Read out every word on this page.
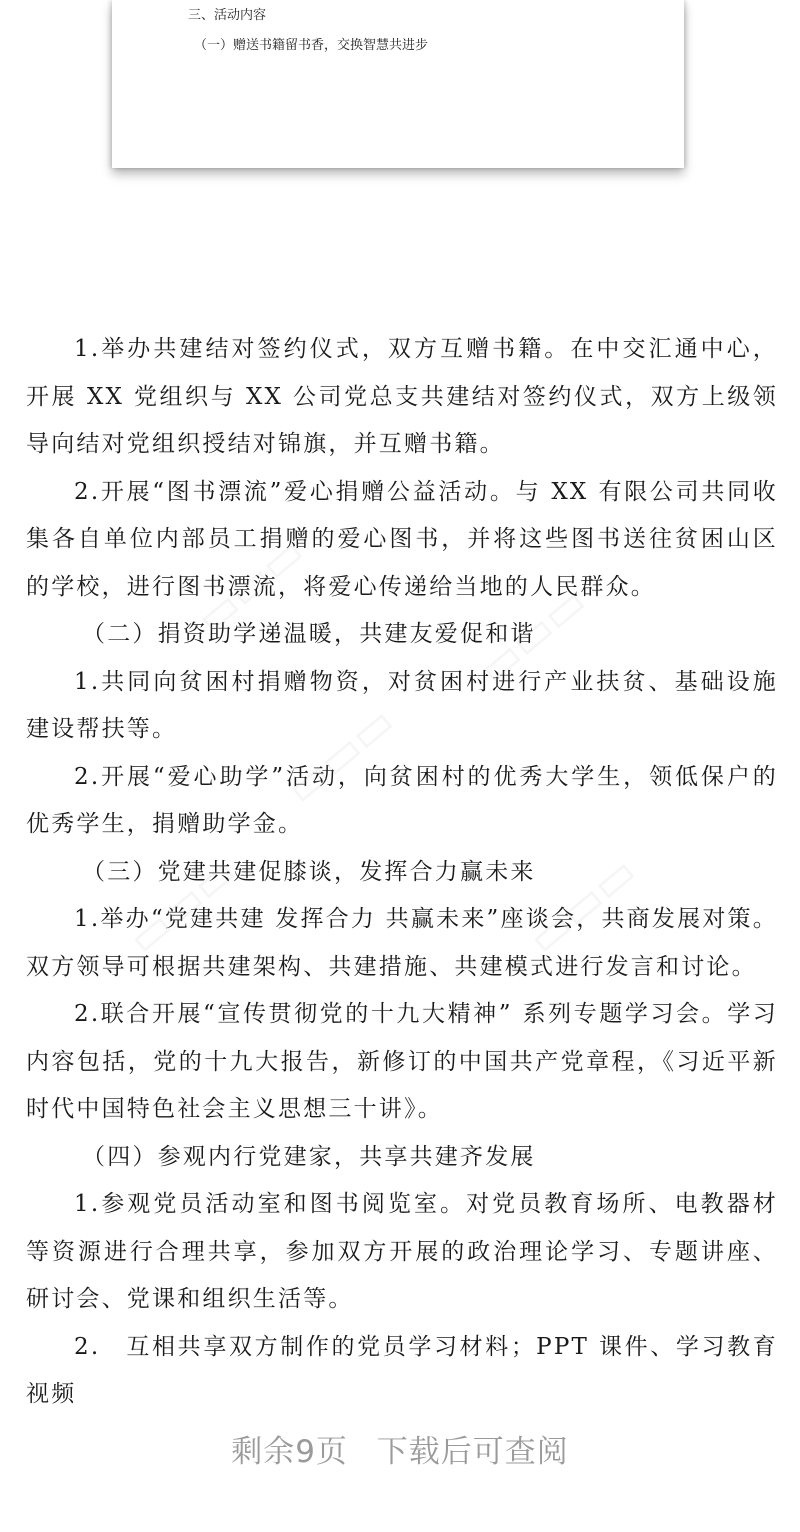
三、活动内容
（一）赠送书籍留书香，交换智慧共进步

1.举办共建结对签约仪式，双方互赠书籍。在中交汇通中心，开展 XX 党组织与 XX 公司党总支共建结对签约仪式，双方上级领导向结对党组织授结对锦旗，并互赠书籍。

2.开展“图书漂流”爱心捐赠公益活动。与 XX 有限公司共同收集各自单位内部员工捐赠的爱心图书，并将这些图书送往贫困山区的学校，进行图书漂流，将爱心传递给当地的人民群众。

（二）捐资助学递温暖，共建友爱促和谐

1.共同向贫困村捐赠物资，对贫困村进行产业扶贫、基础设施建设帮扶等。

2.开展“爱心助学”活动，向贫困村的优秀大学生，领低保户的优秀学生，捐赠助学金。

（三）党建共建促膝谈，发挥合力赢未来

1.举办“党建共建 发挥合力 共赢未来”座谈会，共商发展对策。双方领导可根据共建架构、共建措施、共建模式进行发言和讨论。

2.联合开展“宣传贯彻党的十九大精神” 系列专题学习会。学习内容包括，党的十九大报告，新修订的中国共产党章程，《习近平新时代中国特色社会主义思想三十讲》。

（四）参观内行党建家，共享共建齐发展

1.参观党员活动室和图书阅览室。对党员教育场所、电教器材等资源进行合理共享，参加双方开展的政治理论学习、专题讲座、研讨会、党课和组织生活等。

2.　互相共享双方制作的党员学习材料；PPT 课件、学习教育视频

▭▭▭	▭▭▭
▭▭▭
▭▭▭	▭▭▭
剩余9页 下载后可查阅
